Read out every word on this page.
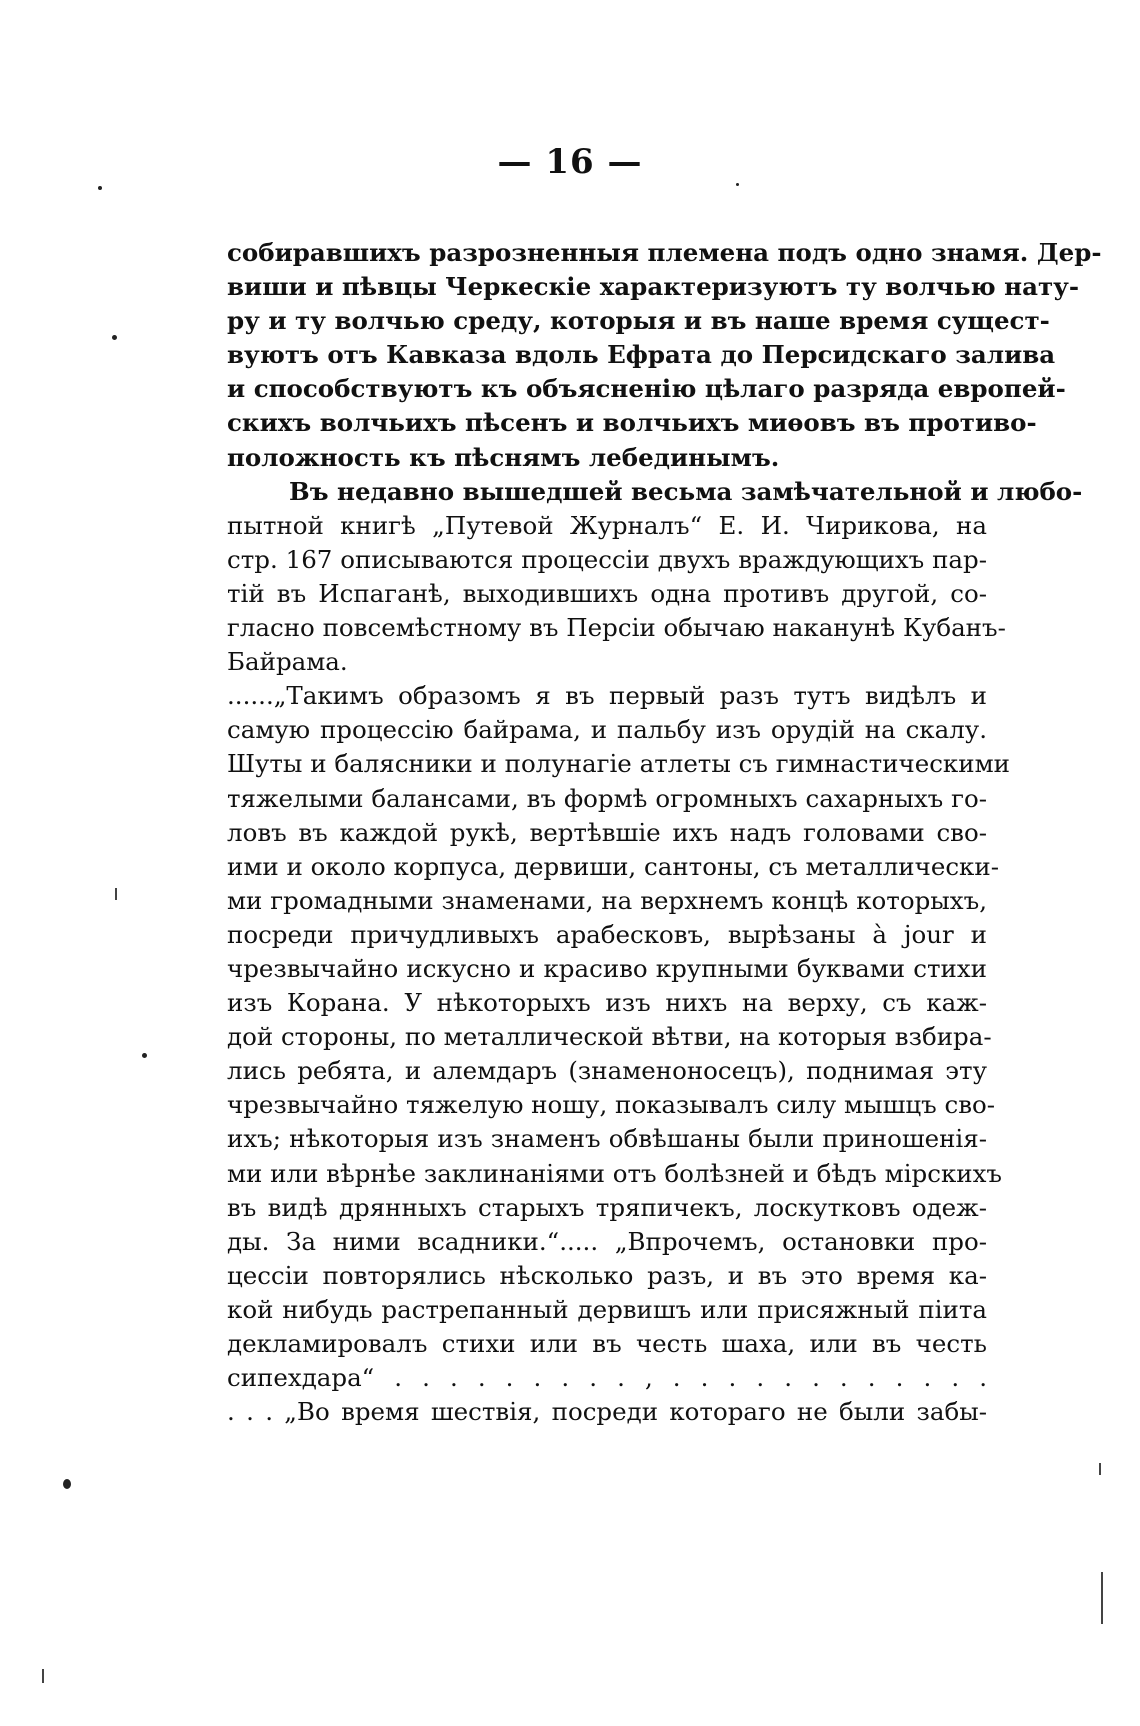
— 16 —
собиравшихъ разрозненныя племена подъ одно знамя. Дер-
виши и пѣвцы Черкескіе характеризуютъ ту волчью нату-
ру и ту волчью среду, которыя и въ наше время сущест-
вуютъ отъ Кавказа вдоль Ефрата до Персидскаго залива
и способствуютъ къ объясненію цѣлаго разряда европей-
скихъ волчьихъ пѣсенъ и волчьихъ миѳовъ въ противо-
положность къ пѣснямъ лебединымъ.
Въ недавно вышедшей весьма замѣчательной и любо-
пытной книгѣ „Путевой Журналъ“ Е. И. Чирикова, на
стр. 167 описываются процессіи двухъ враждующихъ пар-
тій въ Испаганѣ, выходившихъ одна противъ другой, со-
гласно повсемѣстному въ Персіи обычаю наканунѣ Кубанъ-
Байрама.
......„Такимъ образомъ я въ первый разъ тутъ видѣлъ и
самую процессію байрама, и пальбу изъ орудій на скалу.
Шуты и балясники и полунагіе атлеты съ гимнастическими
тяжелыми балансами, въ формѣ огромныхъ сахарныхъ го-
ловъ въ каждой рукѣ, вертѣвшіе ихъ надъ головами сво-
ими и около корпуса, дервиши, сантоны, съ металлически-
ми громадными знаменами, на верхнемъ концѣ которыхъ,
посреди причудливыхъ арабесковъ, вырѣзаны à jour и
чрезвычайно искусно и красиво крупными буквами стихи
изъ Корана. У нѣкоторыхъ изъ нихъ на верху, съ каж-
дой стороны, по металлической вѣтви, на которыя взбира-
лись ребята, и алемдаръ (знаменоносецъ), поднимая эту
чрезвычайно тяжелую ношу, показывалъ силу мышцъ сво-
ихъ; нѣкоторыя изъ знаменъ обвѣшаны были приношенія-
ми или вѣрнѣе заклинаніями отъ болѣзней и бѣдъ мірскихъ
въ видѣ дрянныхъ старыхъ тряпичекъ, лоскутковъ одеж-
ды. За ними всадники.“..... „Впрочемъ, остановки про-
цессіи повторялись нѣсколько разъ, и въ это время ка-
кой нибудь растрепанный дервишъ или присяжный піита
декламировалъ стихи или въ честь шаха, или въ честь
сипехдара“ . . . . . . . . . , . . . . . . . . . . . .
. . . „Во время шествія, посреди котораго не были забы-
